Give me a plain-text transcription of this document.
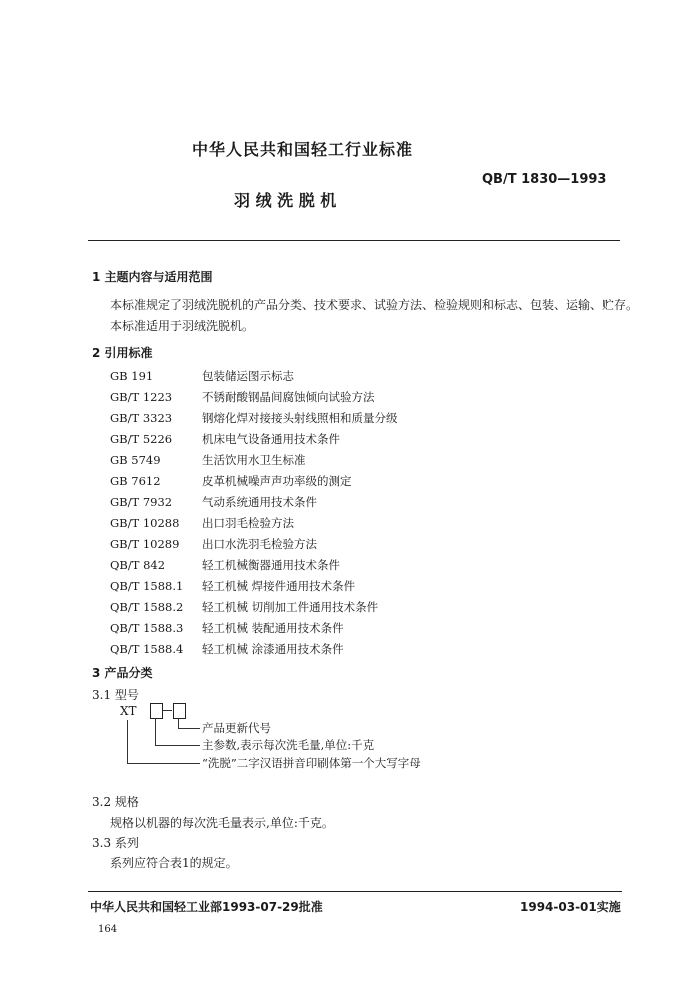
中华人民共和国轻工行业标准
QB/T 1830—1993
羽 绒 洗 脱 机
1 主题内容与适用范围
本标准规定了羽绒洗脱机的产品分类、技术要求、试验方法、检验规则和标志、包装、运输、贮存。
本标准适用于羽绒洗脱机。
2 引用标准
GB 191	包装储运图示标志
GB/T 1223	不锈耐酸钢晶间腐蚀倾向试验方法
GB/T 3323	钢熔化焊对接接头射线照相和质量分级
GB/T 5226	机床电气设备通用技术条件
GB 5749	生活饮用水卫生标准
GB 7612	皮革机械噪声声功率级的测定
GB/T 7932	气动系统通用技术条件
GB/T 10288 出口羽毛检验方法
GB/T 10289 出口水洗羽毛检验方法
QB/T 842	轻工机械衡器通用技术条件
QB/T 1588.1 轻工机械 焊接件通用技术条件
QB/T 1588.2 轻工机械 切削加工件通用技术条件
QB/T 1588.3 轻工机械 装配通用技术条件
QB/T 1588.4 轻工机械 涂漆通用技术条件
3 产品分类
3.1 型号
XT
产品更新代号
主参数,表示每次洗毛量,单位:千克
“洗脱”二字汉语拼音印刷体第一个大写字母
3.2 规格
规格以机器的每次洗毛量表示,单位:千克。
3.3 系列
系列应符合表1的规定。
中华人民共和国轻工业部1993-07-29批准	1994-03-01实施
164
